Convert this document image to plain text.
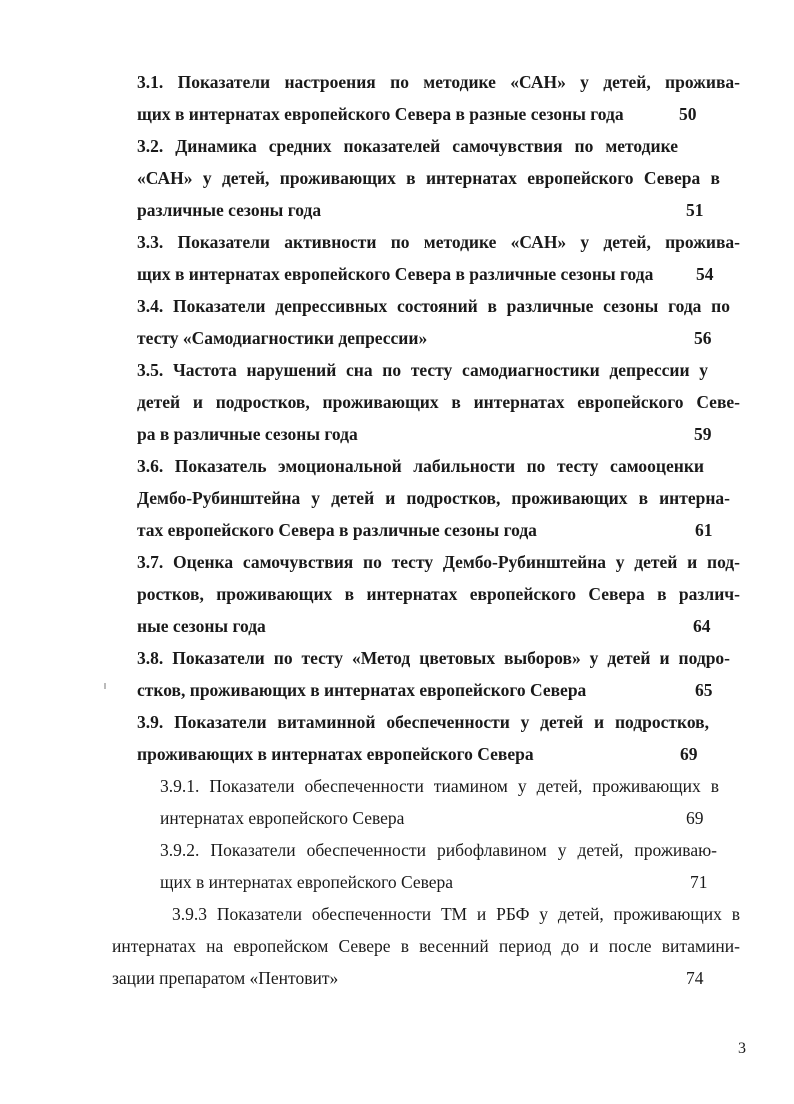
3.1. Показатели настроения по методике «САН» у детей, прожива-
щих в интернатах европейского Севера в разные сезоны года	50
3.2. Динамика средних показателей самочувствия по методике
«САН» у детей, проживающих в интернатах европейского Севера в
различные сезоны года	51
3.3. Показатели активности по методике «САН» у детей, прожива-
щих в интернатах европейского Севера в различные сезоны года 54
3.4. Показатели депрессивных состояний в различные сезоны года по
тесту «Самодиагностики депрессии»	56
3.5. Частота нарушений сна по тесту самодиагностики депрессии у
детей и подростков, проживающих в интернатах европейского Севе-
ра в различные сезоны года	59
3.6. Показатель эмоциональной лабильности по тесту самооценки
Дембо-Рубинштейна у детей и подростков, проживающих в интерна-
тах европейского Севера в различные сезоны года	61
3.7. Оценка самочувствия по тесту Дембо-Рубинштейна у детей и под-
ростков, проживающих в интернатах европейского Севера в различ-
ные сезоны года	64
3.8. Показатели по тесту «Метод цветовых выборов» у детей и подро-
стков, проживающих в интернатах европейского Севера	65
3.9. Показатели витаминной обеспеченности у детей и подростков,
проживающих в интернатах европейского Севера	69
3.9.1. Показатели обеспеченности тиамином у детей, проживающих в
интернатах европейского Севера	69
3.9.2. Показатели обеспеченности рибофлавином у детей, проживаю-
щих в интернатах европейского Севера	71
3.9.3 Показатели обеспеченности ТМ и РБФ у детей, проживающих в
интернатах на европейском Севере в весенний период до и после витамини-
зации препаратом «Пентовит»	74
3
